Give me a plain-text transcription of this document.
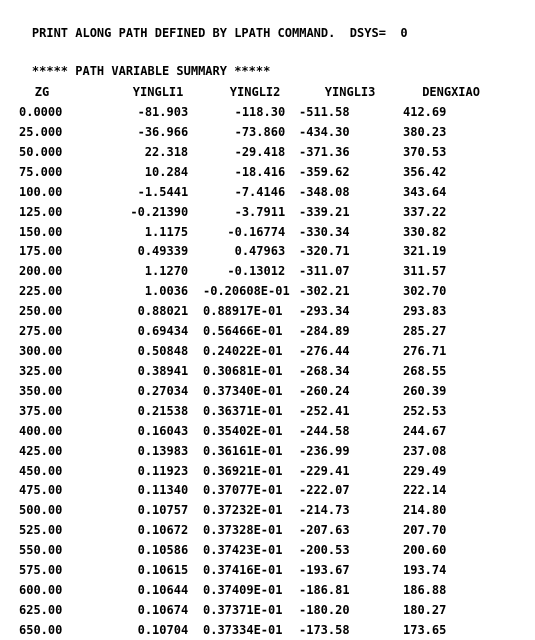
PRINT ALONG PATH DEFINED BY LPATH COMMAND.  DSYS=  0

***** PATH VARIABLE SUMMARY *****

ZG	YINGLI1	YINGLI2	YINGLI3	DENGXIAO
0.0000	-81.903	-118.30 -511.58	412.69
25.000	-36.966	-73.860 -434.30	380.23
50.000	22.318	-29.418 -371.36	370.53
75.000	10.284	-18.416 -359.62	356.42
100.00	-1.5441	-7.4146 -348.08	343.64
125.00	-0.21390	-3.7911 -339.21	337.22
150.00	1.1175	-0.16774 -330.34	330.82
175.00	0.49339	0.47963 -320.71	321.19
200.00	1.1270	-0.13012 -311.07	311.57
225.00	1.0036 -0.20608E-01 -302.21	302.70
250.00	0.88021 0.88917E-01 -293.34	293.83
275.00	0.69434 0.56466E-01 -284.89	285.27
300.00	0.50848 0.24022E-01 -276.44	276.71
325.00	0.38941 0.30681E-01 -268.34	268.55
350.00	0.27034 0.37340E-01 -260.24	260.39
375.00	0.21538 0.36371E-01 -252.41	252.53
400.00	0.16043 0.35402E-01 -244.58	244.67
425.00	0.13983 0.36161E-01 -236.99	237.08
450.00	0.11923 0.36921E-01 -229.41	229.49
475.00	0.11340 0.37077E-01 -222.07	222.14
500.00	0.10757 0.37232E-01 -214.73	214.80
525.00	0.10672 0.37328E-01 -207.63	207.70
550.00	0.10586 0.37423E-01 -200.53	200.60
575.00	0.10615 0.37416E-01 -193.67	193.74
600.00	0.10644 0.37409E-01 -186.81	186.88
625.00	0.10674 0.37371E-01 -180.20	180.27
650.00	0.10704 0.37334E-01 -173.58	173.65
